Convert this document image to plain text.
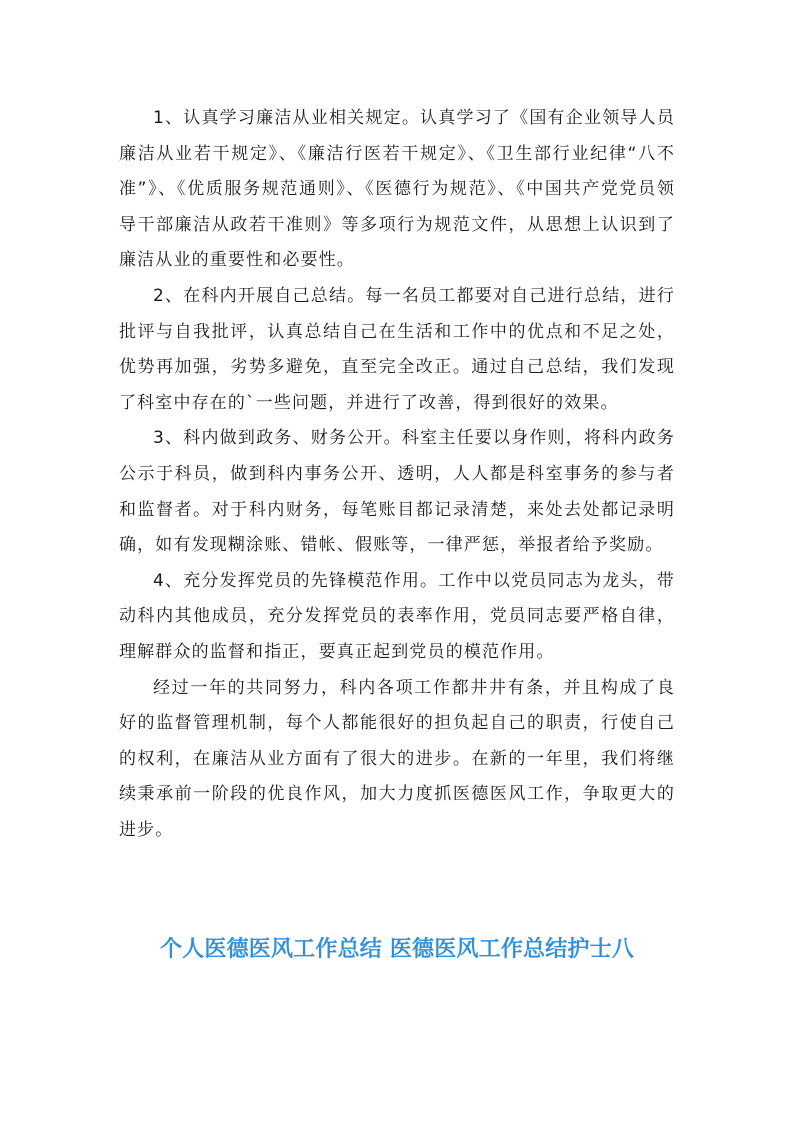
1、认真学习廉洁从业相关规定。认真学习了《国有企业领导人员廉洁从业若干规定》、《廉洁行医若干规定》、《卫生部行业纪律“八不准”》、《优质服务规范通则》、《医德行为规范》、《中国共产党党员领导干部廉洁从政若干准则》等多项行为规范文件，从思想上认识到了廉洁从业的重要性和必要性。

2、在科内开展自己总结。每一名员工都要对自己进行总结，进行批评与自我批评，认真总结自己在生活和工作中的优点和不足之处，优势再加强，劣势多避免，直至完全改正。通过自己总结，我们发现了科室中存在的`一些问题，并进行了改善，得到很好的效果。

3、科内做到政务、财务公开。科室主任要以身作则，将科内政务公示于科员，做到科内事务公开、透明，人人都是科室事务的参与者和监督者。对于科内财务，每笔账目都记录清楚，来处去处都记录明确，如有发现糊涂账、错帐、假账等，一律严惩，举报者给予奖励。

4、充分发挥党员的先锋模范作用。工作中以党员同志为龙头，带动科内其他成员，充分发挥党员的表率作用，党员同志要严格自律，理解群众的监督和指正，要真正起到党员的模范作用。

经过一年的共同努力，科内各项工作都井井有条，并且构成了良好的监督管理机制，每个人都能很好的担负起自己的职责，行使自己的权利，在廉洁从业方面有了很大的进步。在新的一年里，我们将继续秉承前一阶段的优良作风，加大力度抓医德医风工作，争取更大的进步。

个人医德医风工作总结 医德医风工作总结护士八
